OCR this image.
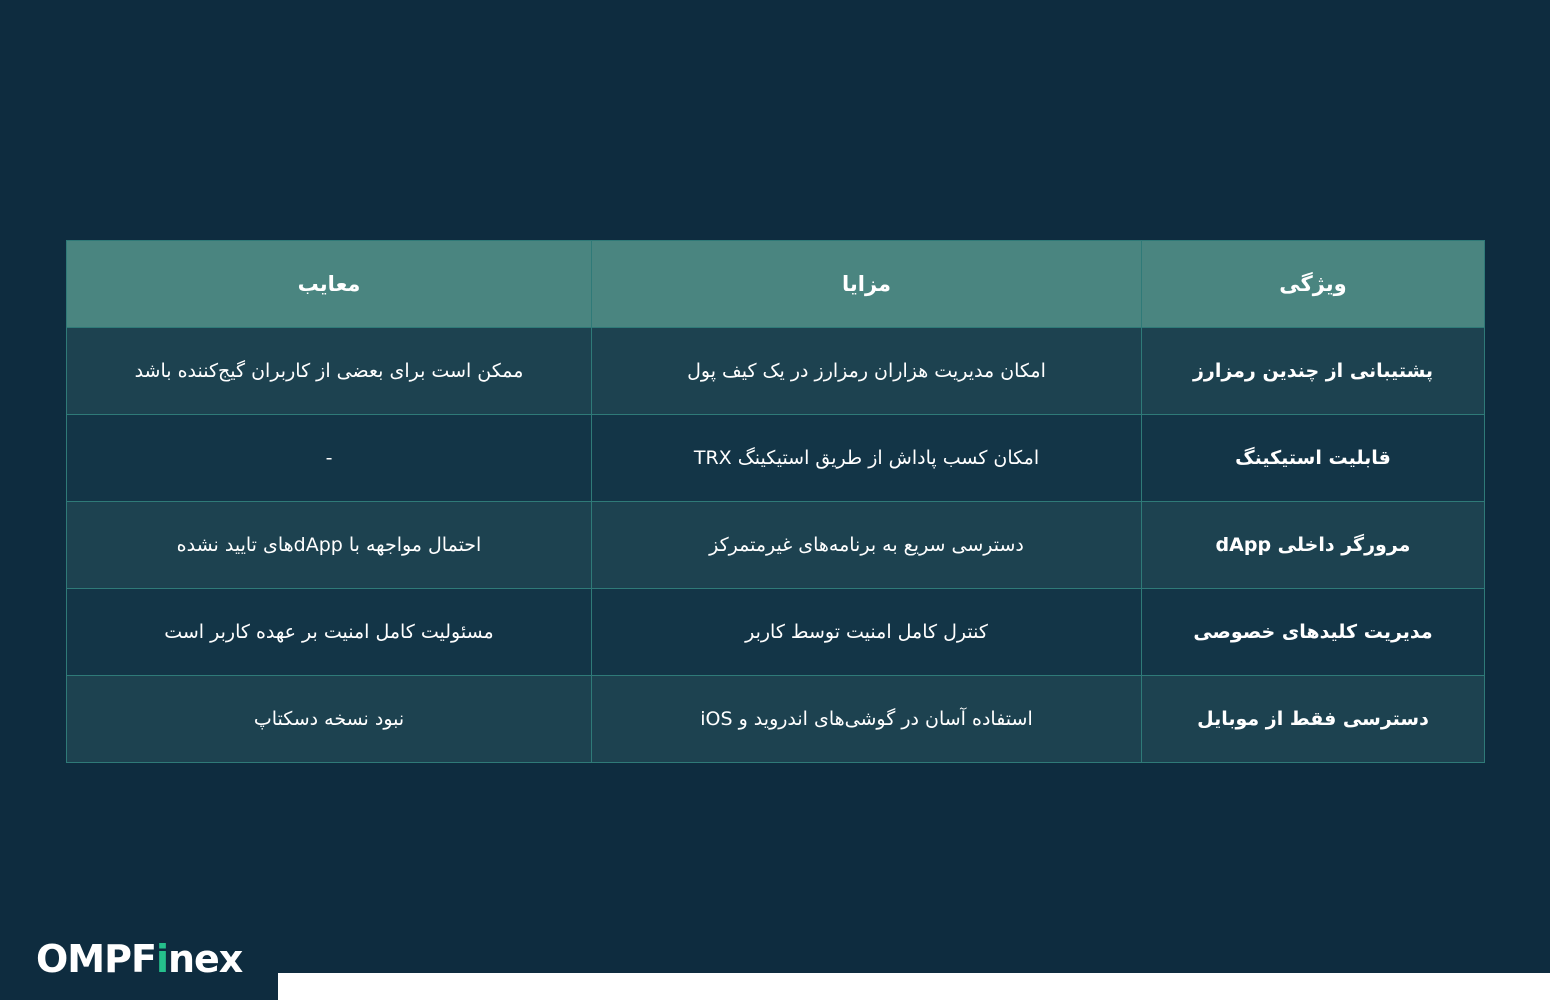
ویژگی	مزایا	معایب
پشتیبانی از چندین رمزارز	امکان مدیریت هزاران رمزارز در یک کیف پول	ممکن است برای بعضی از کاربران گیج‌کننده باشد
قابلیت استیکینگ	امکان کسب پاداش از طریق استیکینگ TRX	-
مرورگر داخلی dApp	دسترسی سریع به برنامه‌های غیرمتمرکز	احتمال مواجهه با dAppهای تایید نشده
مدیریت کلیدهای خصوصی	کنترل کامل امنیت توسط کاربر	مسئولیت کامل امنیت بر عهده کاربر است
دسترسی فقط از موبایل	استفاده آسان در گوشی‌های اندروید و iOS	نبود نسخه دسکتاپ
OMPFinex
